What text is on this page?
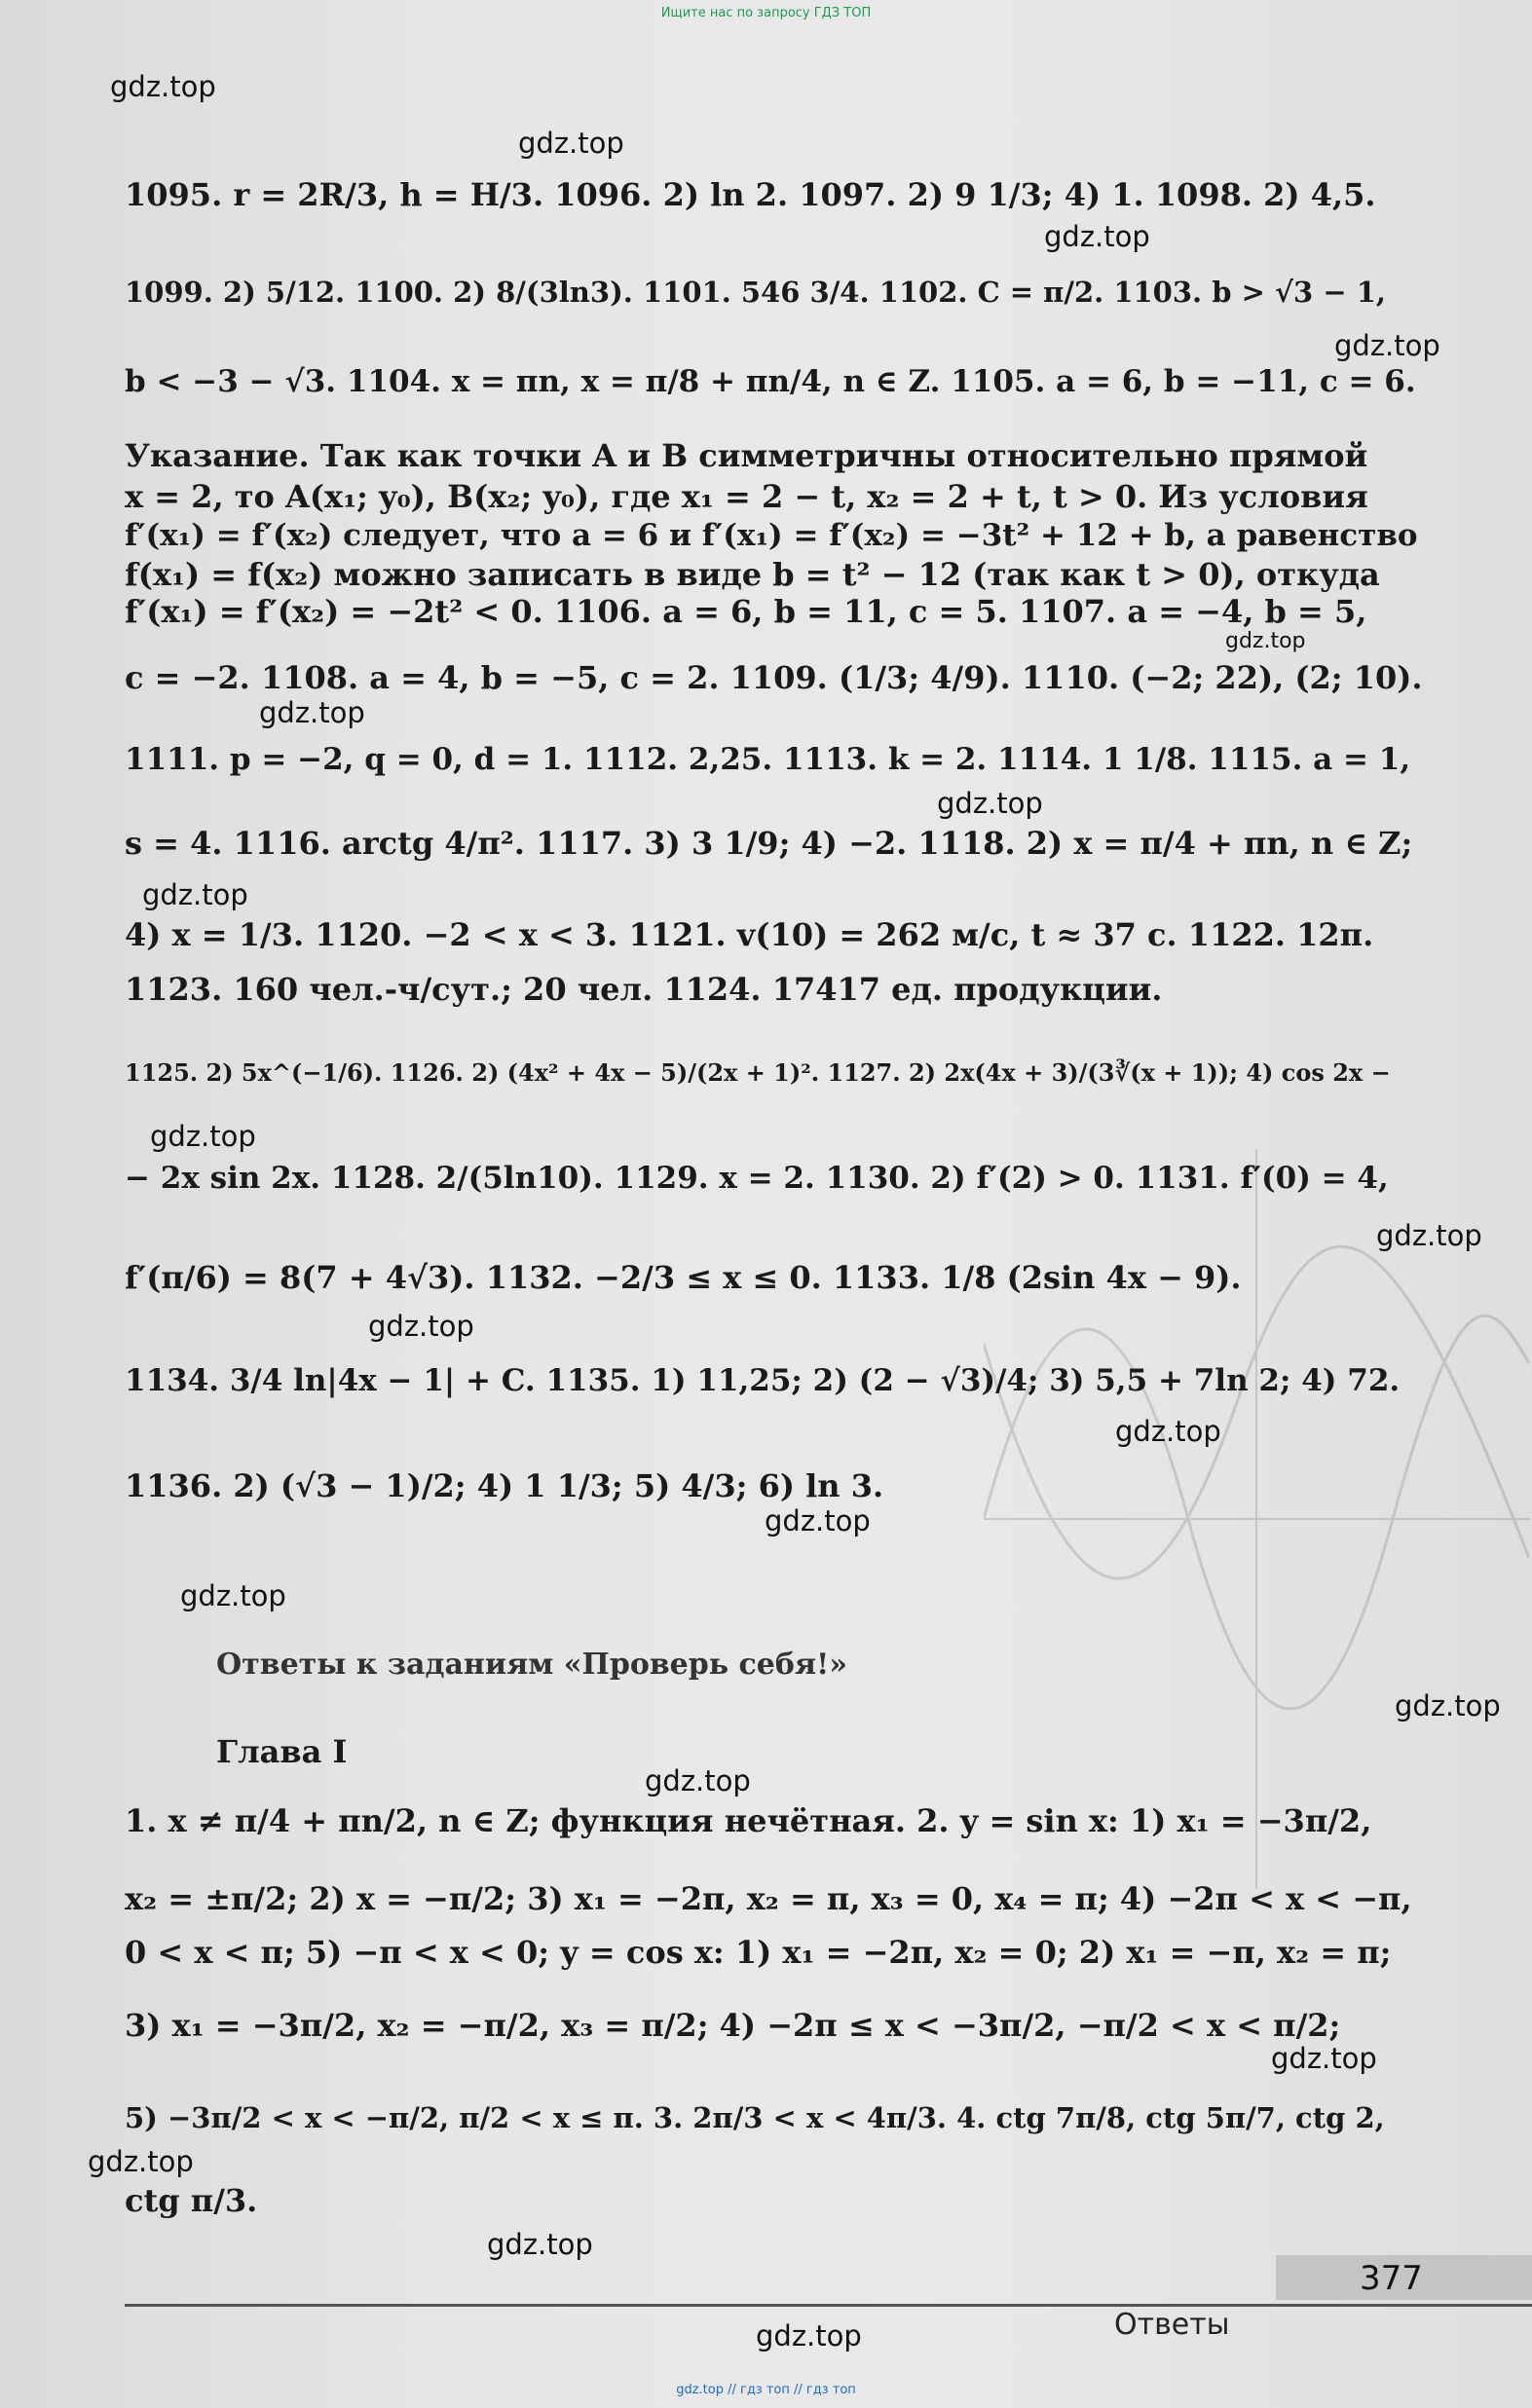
Ищите нас по запросу ГДЗ ТОП
gdz.top
gdz.top
gdz.top
gdz.top
gdz.top
gdz.top
gdz.top
gdz.top
gdz.top
gdz.top
gdz.top
gdz.top
gdz.top
gdz.top
gdz.top
gdz.top
gdz.top
gdz.top
gdz.top
gdz.top
1095. r = 2R/3, h = H/3. 1096. 2) ln 2. 1097. 2) 9 1/3; 4) 1. 1098. 2) 4,5.
1099. 2) 5/12. 1100. 2) 8/(3ln3). 1101. 546 3/4. 1102. C = π/2. 1103. b > √3 − 1,
b < −3 − √3. 1104. x = πn, x = π/8 + πn/4, n ∈ Z. 1105. a = 6, b = −11, c = 6.
Указание. Так как точки A и B симметричны относительно прямой
x = 2, то A(x₁; y₀), B(x₂; y₀), где x₁ = 2 − t, x₂ = 2 + t, t > 0. Из условия
f′(x₁) = f′(x₂) следует, что a = 6 и f′(x₁) = f′(x₂) = −3t² + 12 + b, а равенство
f(x₁) = f(x₂) можно записать в виде b = t² − 12 (так как t > 0), откуда
f′(x₁) = f′(x₂) = −2t² < 0. 1106. a = 6, b = 11, c = 5. 1107. a = −4, b = 5,
c = −2. 1108. a = 4, b = −5, c = 2. 1109. (1/3; 4/9). 1110. (−2; 22), (2; 10).
1111. p = −2, q = 0, d = 1. 1112. 2,25. 1113. k = 2. 1114. 1 1/8. 1115. a = 1,
s = 4. 1116. arctg 4/π². 1117. 3) 3 1/9; 4) −2. 1118. 2) x = π/4 + πn, n ∈ Z;
4) x = 1/3. 1120. −2 < x < 3. 1121. v(10) = 262 м/с, t ≈ 37 с. 1122. 12π.
1123. 160 чел.-ч/сут.; 20 чел. 1124. 17417 ед. продукции.
1125. 2) 5x^(−1/6). 1126. 2) (4x² + 4x − 5)/(2x + 1)². 1127. 2) 2x(4x + 3)/(3∛(x + 1)); 4) cos 2x −
− 2x sin 2x. 1128. 2/(5ln10). 1129. x = 2. 1130. 2) f′(2) > 0. 1131. f′(0) = 4,
f′(π/6) = 8(7 + 4√3). 1132. −2/3 ≤ x ≤ 0. 1133. 1/8 (2sin 4x − 9).
1134. 3/4 ln|4x − 1| + C. 1135. 1) 11,25; 2) (2 − √3)/4; 3) 5,5 + 7ln 2; 4) 72.
1136. 2) (√3 − 1)/2; 4) 1 1/3; 5) 4/3; 6) ln 3.
Ответы к заданиям «Проверь себя!»
Глава I
1. x ≠ π/4 + πn/2, n ∈ Z; функция нечётная. 2. y = sin x: 1) x₁ = −3π/2,
x₂ = ±π/2; 2) x = −π/2; 3) x₁ = −2π, x₂ = π, x₃ = 0, x₄ = π; 4) −2π < x < −π,
0 < x < π; 5) −π < x < 0; y = cos x: 1) x₁ = −2π, x₂ = 0; 2) x₁ = −π, x₂ = π;
3) x₁ = −3π/2, x₂ = −π/2, x₃ = π/2; 4) −2π ≤ x < −3π/2, −π/2 < x < π/2;
5) −3π/2 < x < −π/2, π/2 < x ≤ π. 3. 2π/3 < x < 4π/3. 4. ctg 7π/8, ctg 5π/7, ctg 2,
ctg π/3.
377
Ответы
gdz.top // гдз топ // гдз топ
